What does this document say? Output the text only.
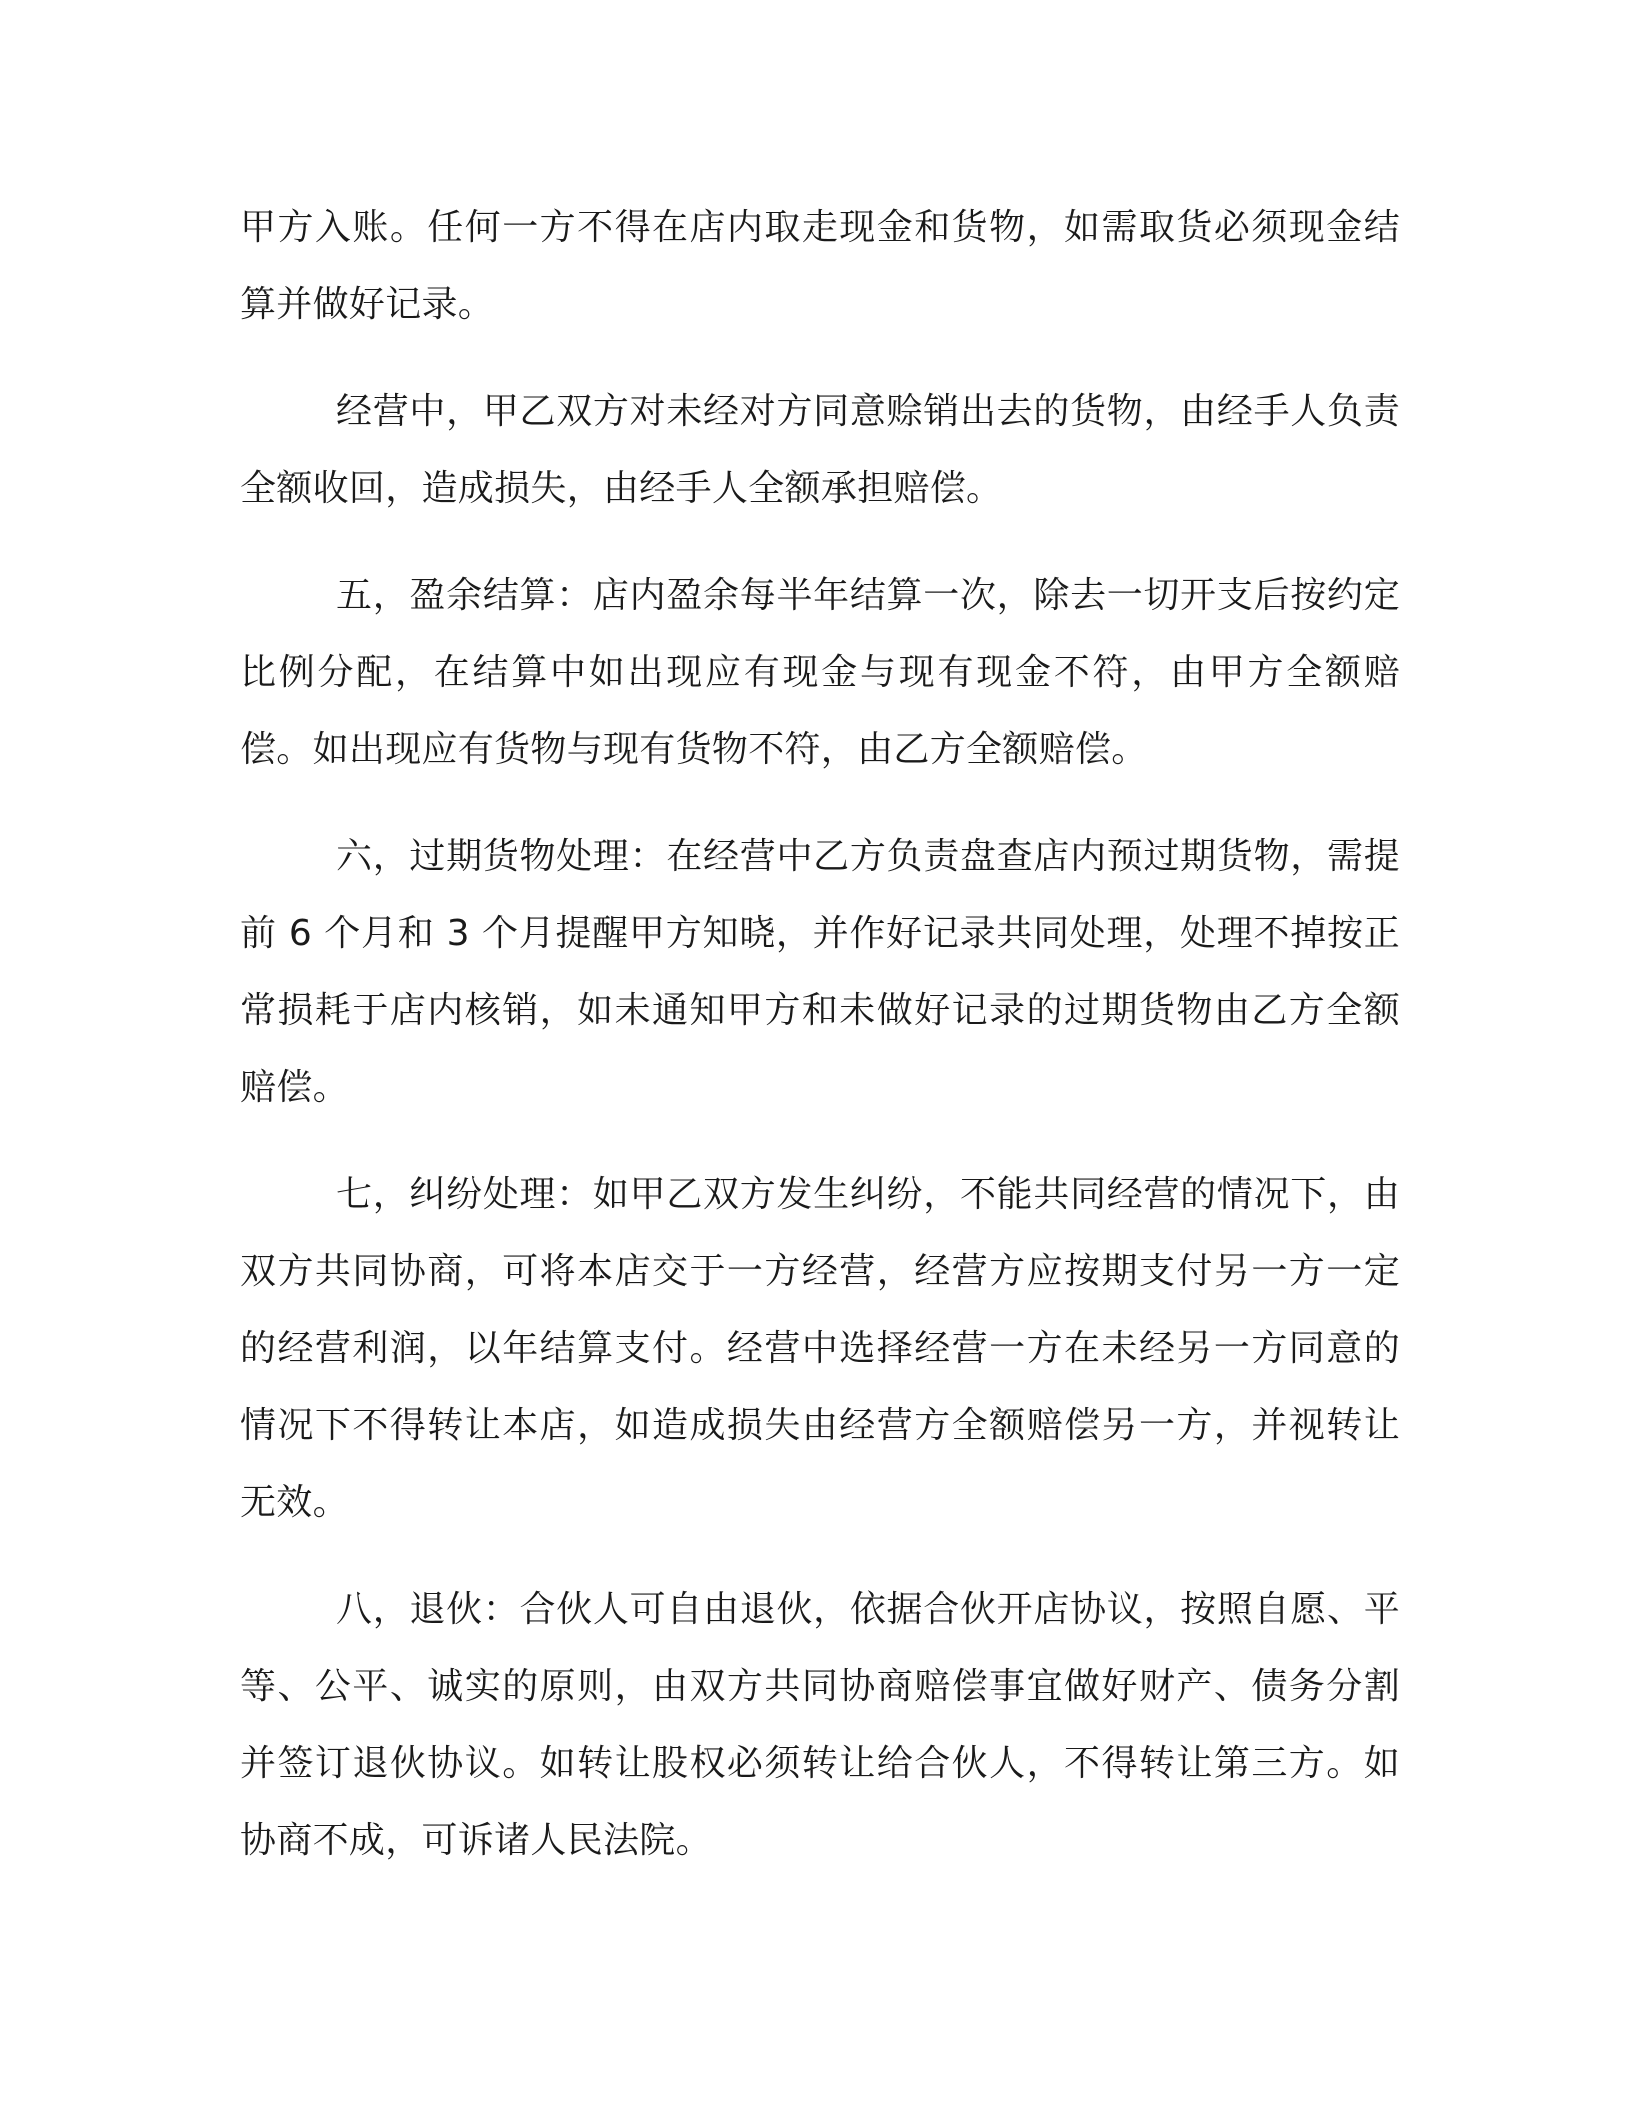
甲方入账。任何一方不得在店内取走现金和货物，如需取货必须现金结算并做好记录。

经营中，甲乙双方对未经对方同意赊销出去的货物，由经手人负责全额收回，造成损失，由经手人全额承担赔偿。

五，盈余结算：店内盈余每半年结算一次，除去一切开支后按约定比例分配，在结算中如出现应有现金与现有现金不符，由甲方全额赔偿。如出现应有货物与现有货物不符，由乙方全额赔偿。

六，过期货物处理：在经营中乙方负责盘查店内预过期货物，需提前 6 个月和 3 个月提醒甲方知晓，并作好记录共同处理，处理不掉按正常损耗于店内核销，如未通知甲方和未做好记录的过期货物由乙方全额赔偿。

七，纠纷处理：如甲乙双方发生纠纷，不能共同经营的情况下，由双方共同协商，可将本店交于一方经营，经营方应按期支付另一方一定的经营利润，以年结算支付。经营中选择经营一方在未经另一方同意的情况下不得转让本店，如造成损失由经营方全额赔偿另一方，并视转让无效。

八，退伙：合伙人可自由退伙，依据合伙开店协议，按照自愿、平等、公平、诚实的原则，由双方共同协商赔偿事宜做好财产、债务分割并签订退伙协议。如转让股权必须转让给合伙人，不得转让第三方。如协商不成，可诉诸人民法院。
